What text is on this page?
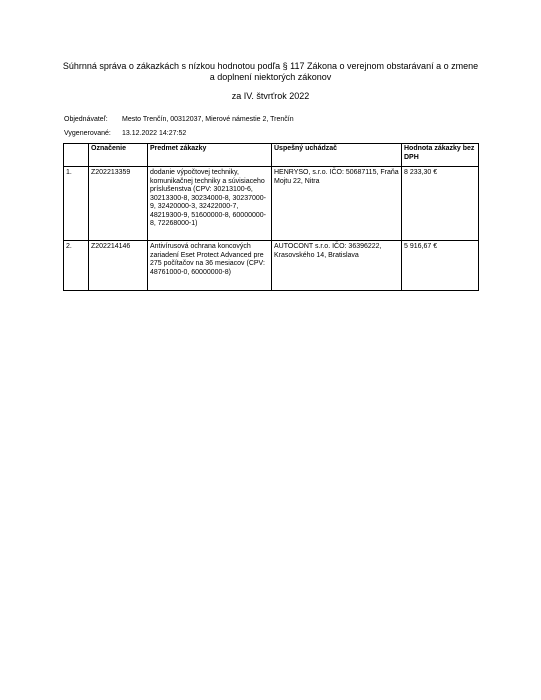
Súhrnná správa o zákazkách s nízkou hodnotou podľa § 117 Zákona o verejnom obstarávaní a o zmene a doplnení niektorých zákonov
za IV. štvrťrok 2022
Objednávateľ: Mesto Trenčín, 00312037, Mierové námestie 2, Trenčín
Vygenerované: 13.12.2022 14:27:52
	Označenie	Predmet zákazky	Úspešný uchádzač	Hodnota zákazky bez DPH
1.	Z202213359	dodanie výpočtovej techniky, komunikačnej techniky a súvisiaceho príslušenstva (CPV: 30213100-6, 30213300-8, 30234000-8, 30237000-9, 32420000-3, 32422000-7, 48219300-9, 51600000-8, 60000000-8, 72268000-1)	HENRYSO, s.r.o. IČO: 50687115, Fraňa Mojtu 22, Nitra	8 233,30 €
2.	Z202214146	Antivírusová ochrana koncových zariadení Eset Protect Advanced pre 275 počítačov na 36 mesiacov (CPV: 48761000-0, 60000000-8)	AUTOCONT s.r.o. IČO: 36396222, Krasovského 14, Bratislava	5 916,67 €
